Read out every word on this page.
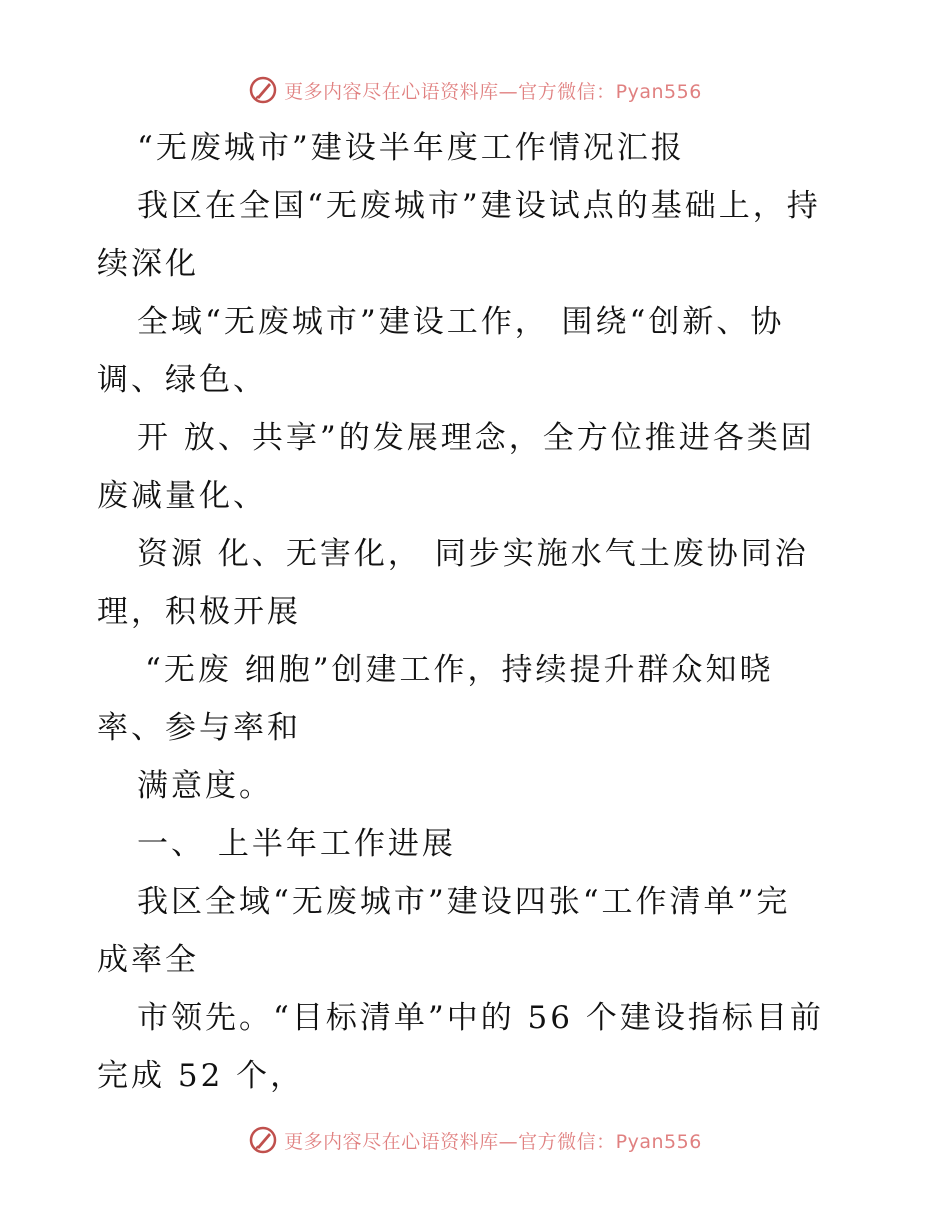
更多内容尽在心语资料库—官方微信：Pyan556
“无废城市”建设半年度工作情况汇报
我区在全国“无废城市”建设试点的基础上，持
续深化
全域“无废城市”建设工作， 围绕“创新、协
调、绿色、
开 放、共享”的发展理念，全方位推进各类固
废减量化、
资源 化、无害化， 同步实施水气土废协同治
理，积极开展
“无废 细胞”创建工作，持续提升群众知晓
率、参与率和
满意度。
一、 上半年工作进展
我区全域“无废城市”建设四张“工作清单”完
成率全
市领先。“目标清单”中的 56 个建设指标目前
完成 52 个，
更多内容尽在心语资料库—官方微信：Pyan556
